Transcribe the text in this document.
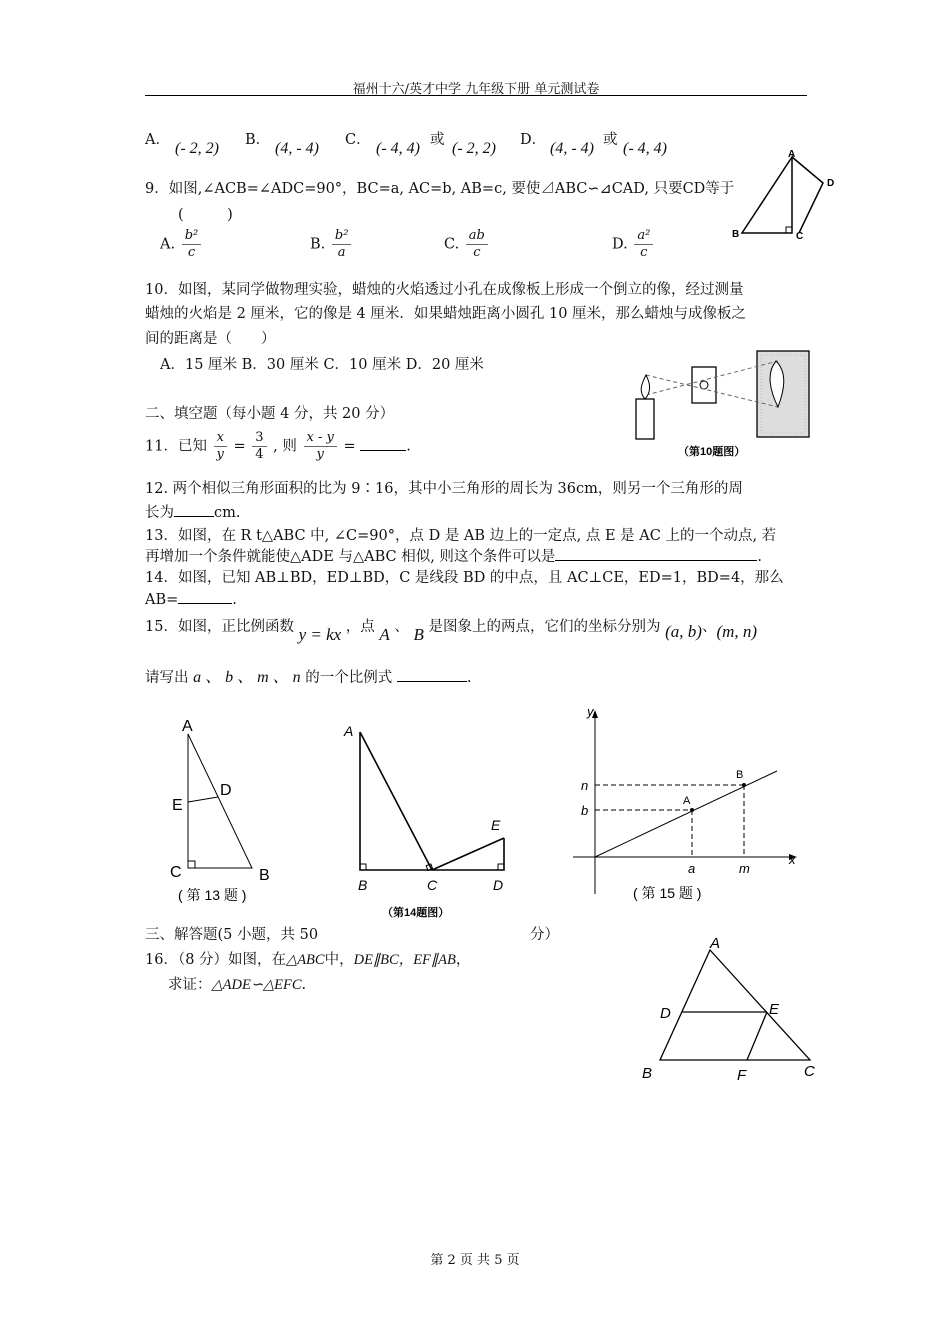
福州十六/英才中学 九年级下册 单元测试卷
A． (- 2, 2) B． (4, - 4) C． (- 4, 4) 或 (- 2, 2) D． (4, - 4) 或 (- 4, 4)
9．如图,∠ACB=∠ADC=90°，BC=a, AC=b, AB=c, 要使⊿ABC∽⊿CAD, 只要CD等于
(　　　)
A. $\frac{\text{b²}}{c}$	B. $\frac{\text{b²}}{a}$	C. $\frac{ab}{c}$	D. $\frac{\text{a²}}{c}$
A
B	C
D
10．如图，某同学做物理实验，蜡烛的火焰透过小孔在成像板上形成一个倒立的像，经过测量
蜡烛的火焰是 2 厘米，它的像是 4 厘米．如果蜡烛距离小圆孔 10 厘米，那么蜡烛与成像板之
间的距离是（　　）
A．15 厘米 B．30 厘米 C．10 厘米 D．20 厘米
（第10题图）
二、填空题（每小题 4 分，共 20 分）
11．已知 $\frac{x}{y} = \frac{3}{4}$ , 则 $\frac{x - y}{y}$ =	.
12. 两个相似三角形面积的比为 9∶16，其中小三角形的周长为 36cm，则另一个三角形的周
长为	cm.
13．如图，在 R t△ABC 中, ∠C=90°，点 D 是 AB 边上的一定点, 点 E 是 AC 上的一个动点, 若
再增加一个条件就能使△ADE 与△ABC 相似, 则这个条件可以是	.
14．如图，已知 AB⊥BD，ED⊥BD，C 是线段 BD 的中点，且 AC⊥CE，ED=1，BD=4，那么
AB=	.
15．如图，正比例函数 y = kx ，点 A 、 B 是图象上的两点，它们的坐标分别为 (a, b)、(m, n)
请写出 a 、 b 、 m 、 n 的一个比例式	.
A
D
E
C	B
( 第 13 题 )
A
B	C	D
E
（第14题图）
y
x
n
b
a	m
A
B
( 第 15 题 )
三、解答题(5 小题，共 50	分）
16．（8 分）如图，在△ABC中，DE∥BC，EF∥AB，
求证：△ADE∽△EFC.
A
D	E
B	F	C
第 2 页 共 5 页
